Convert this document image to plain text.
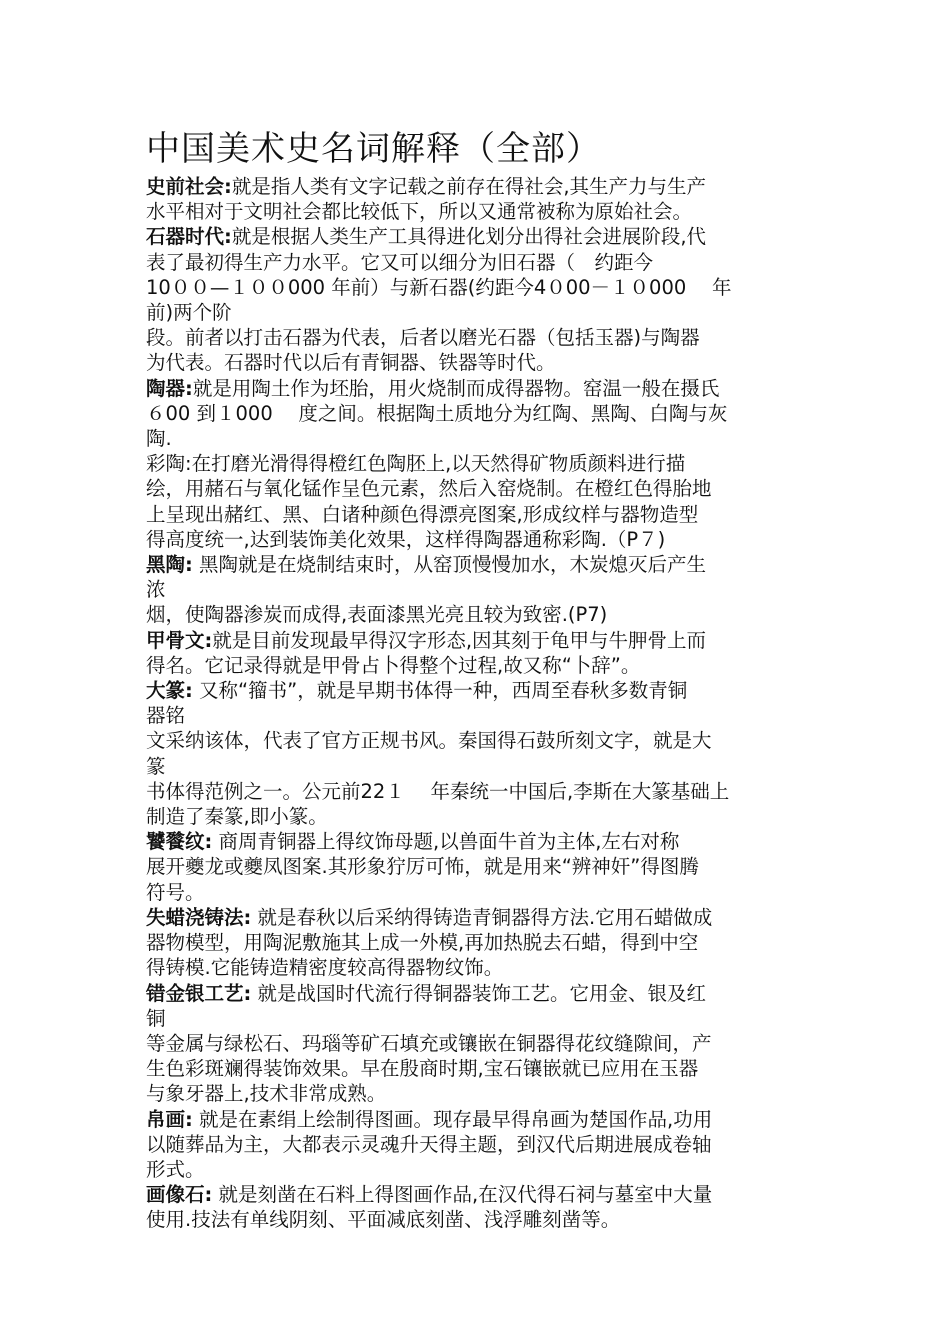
中国美术史名词解释（全部）
史前社会:就是指人类有文字记载之前存在得社会,其生产力与生产
水平相对于文明社会都比较低下，所以又通常被称为原始社会。
石器时代:就是根据人类生产工具得进化划分出得社会进展阶段,代
表了最初得生产力水平。它又可以细分为旧石器（　约距今
10００—１００000 年前）与新石器(约距今4０00－１０000　 年
前)两个阶
段。前者以打击石器为代表，后者以磨光石器（包括玉器)与陶器
为代表。石器时代以后有青铜器、铁器等时代。
陶器:就是用陶土作为坯胎，用火烧制而成得器物。窑温一般在摄氏
６00 到１000　 度之间。根据陶土质地分为红陶、黑陶、白陶与灰
陶.
彩陶:在打磨光滑得得橙红色陶胚上,以天然得矿物质颜料进行描
绘，用赭石与氧化锰作呈色元素，然后入窑烧制。在橙红色得胎地
上呈现出赭红、黑、白诸种颜色得漂亮图案,形成纹样与器物造型
得高度统一,达到装饰美化效果，这样得陶器通称彩陶.（P７)
黑陶: 黑陶就是在烧制结束时，从窑顶慢慢加水，木炭熄灭后产生
浓
烟，使陶器渗炭而成得,表面漆黑光亮且较为致密.(P7)
甲骨文:就是目前发现最早得汉字形态,因其刻于龟甲与牛胛骨上而
得名。它记录得就是甲骨占卜得整个过程,故又称“卜辞”。
大篆: 又称“籀书”，就是早期书体得一种，西周至春秋多数青铜
器铭
文采纳该体，代表了官方正规书风。秦国得石鼓所刻文字，就是大
篆
书体得范例之一。公元前22１　 年秦统一中国后,李斯在大篆基础上
制造了秦篆,即小篆。
饕餮纹: 商周青铜器上得纹饰母题,以兽面牛首为主体,左右对称
展开夔龙或夔凤图案.其形象狞厉可怖，就是用来“辨神奸”得图腾
符号。
失蜡浇铸法: 就是春秋以后采纳得铸造青铜器得方法.它用石蜡做成
器物模型，用陶泥敷施其上成一外模,再加热脱去石蜡，得到中空
得铸模.它能铸造精密度较高得器物纹饰。
错金银工艺: 就是战国时代流行得铜器装饰工艺。它用金、银及红
铜
等金属与绿松石、玛瑙等矿石填充或镶嵌在铜器得花纹缝隙间，产
生色彩斑斓得装饰效果。早在殷商时期,宝石镶嵌就已应用在玉器
与象牙器上,技术非常成熟。
帛画: 就是在素绢上绘制得图画。现存最早得帛画为楚国作品,功用
以随葬品为主，大都表示灵魂升天得主题，到汉代后期进展成卷轴
形式。
画像石: 就是刻凿在石料上得图画作品,在汉代得石祠与墓室中大量
使用.技法有单线阴刻、平面减底刻凿、浅浮雕刻凿等。
